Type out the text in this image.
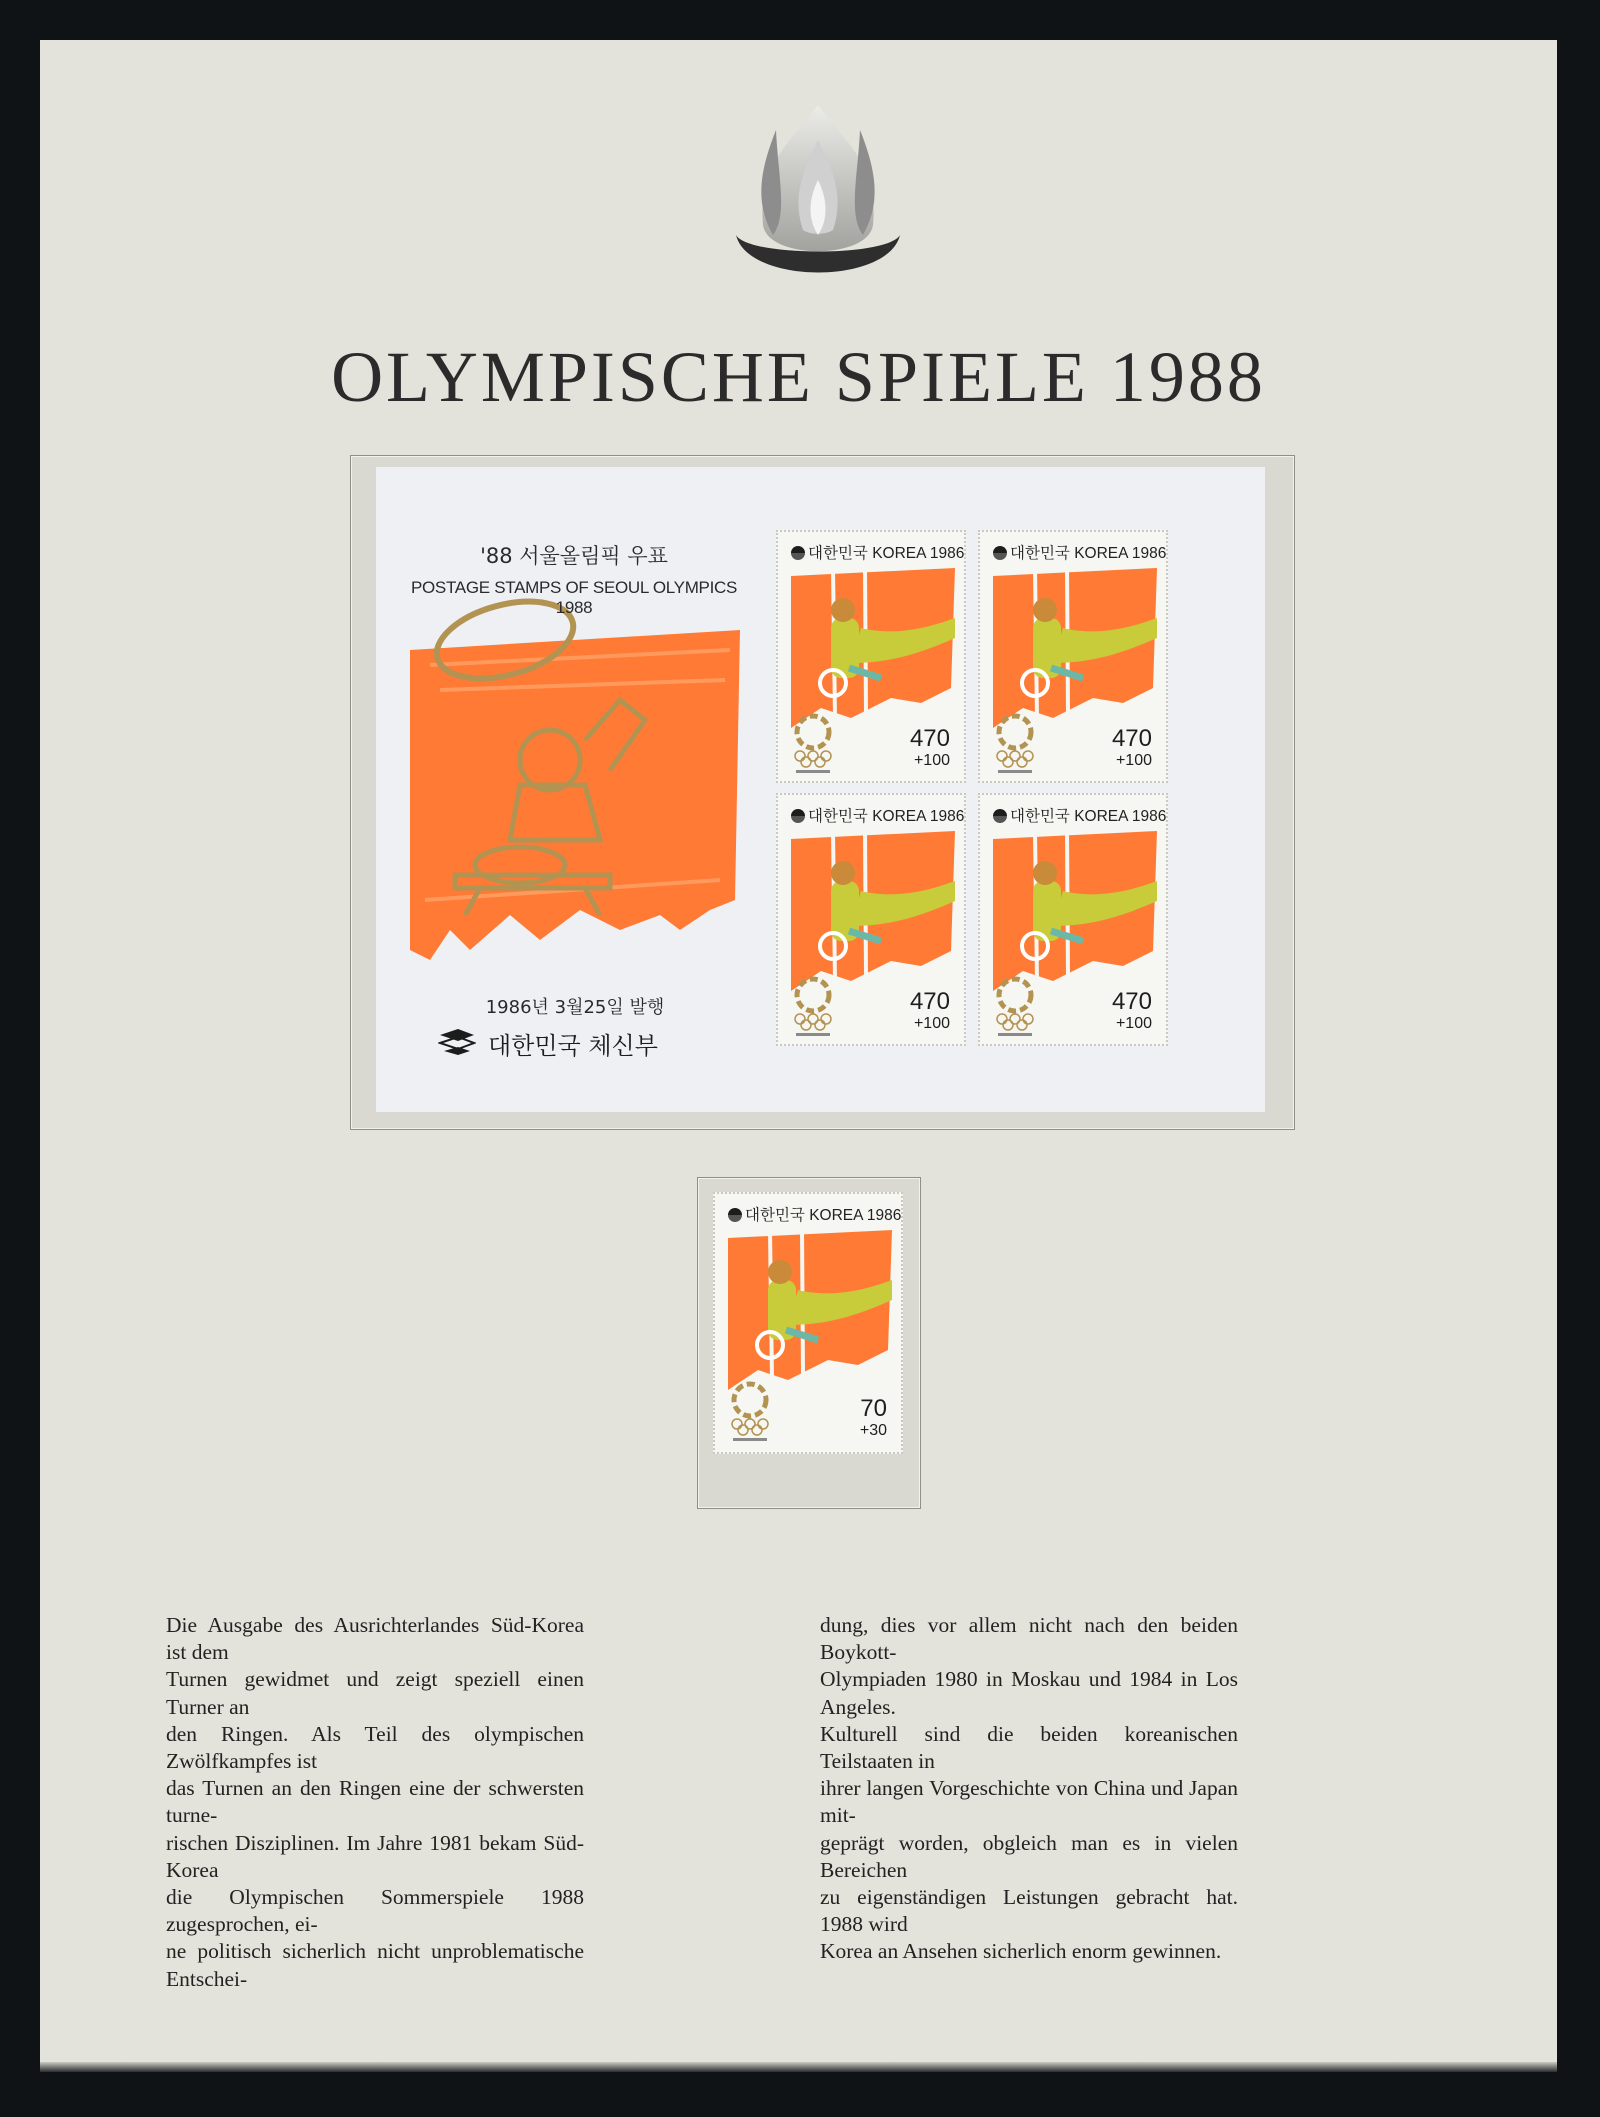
OLYMPISCHE SPIELE 1988
'88 서울올림픽 우표
POSTAGE STAMPS OF SEOUL OLYMPICS 1988
1986년 3월25일 발행
대한민국 체신부
대한민국 KOREA 1986
470
+100
대한민국 KOREA 1986
470
+100
대한민국 KOREA 1986
470
+100
대한민국 KOREA 1986
470
+100
대한민국 KOREA 1986
70
+30

Die Ausgabe des Ausrichterlandes Süd-Korea ist dem
Turnen gewidmet und zeigt speziell einen Turner an
den Ringen. Als Teil des olympischen Zwölfkampfes ist
das Turnen an den Ringen eine der schwersten turne-
rischen Disziplinen. Im Jahre 1981 bekam Süd-Korea
die Olympischen Sommerspiele 1988 zugesprochen, ei-
ne politisch sicherlich nicht unproblematische Entschei-

dung, dies vor allem nicht nach den beiden Boykott-
Olympiaden 1980 in Moskau und 1984 in Los Angeles.
Kulturell sind die beiden koreanischen Teilstaaten in
ihrer langen Vorgeschichte von China und Japan mit-
geprägt worden, obgleich man es in vielen Bereichen
zu eigenständigen Leistungen gebracht hat. 1988 wird
Korea an Ansehen sicherlich enorm gewinnen.
